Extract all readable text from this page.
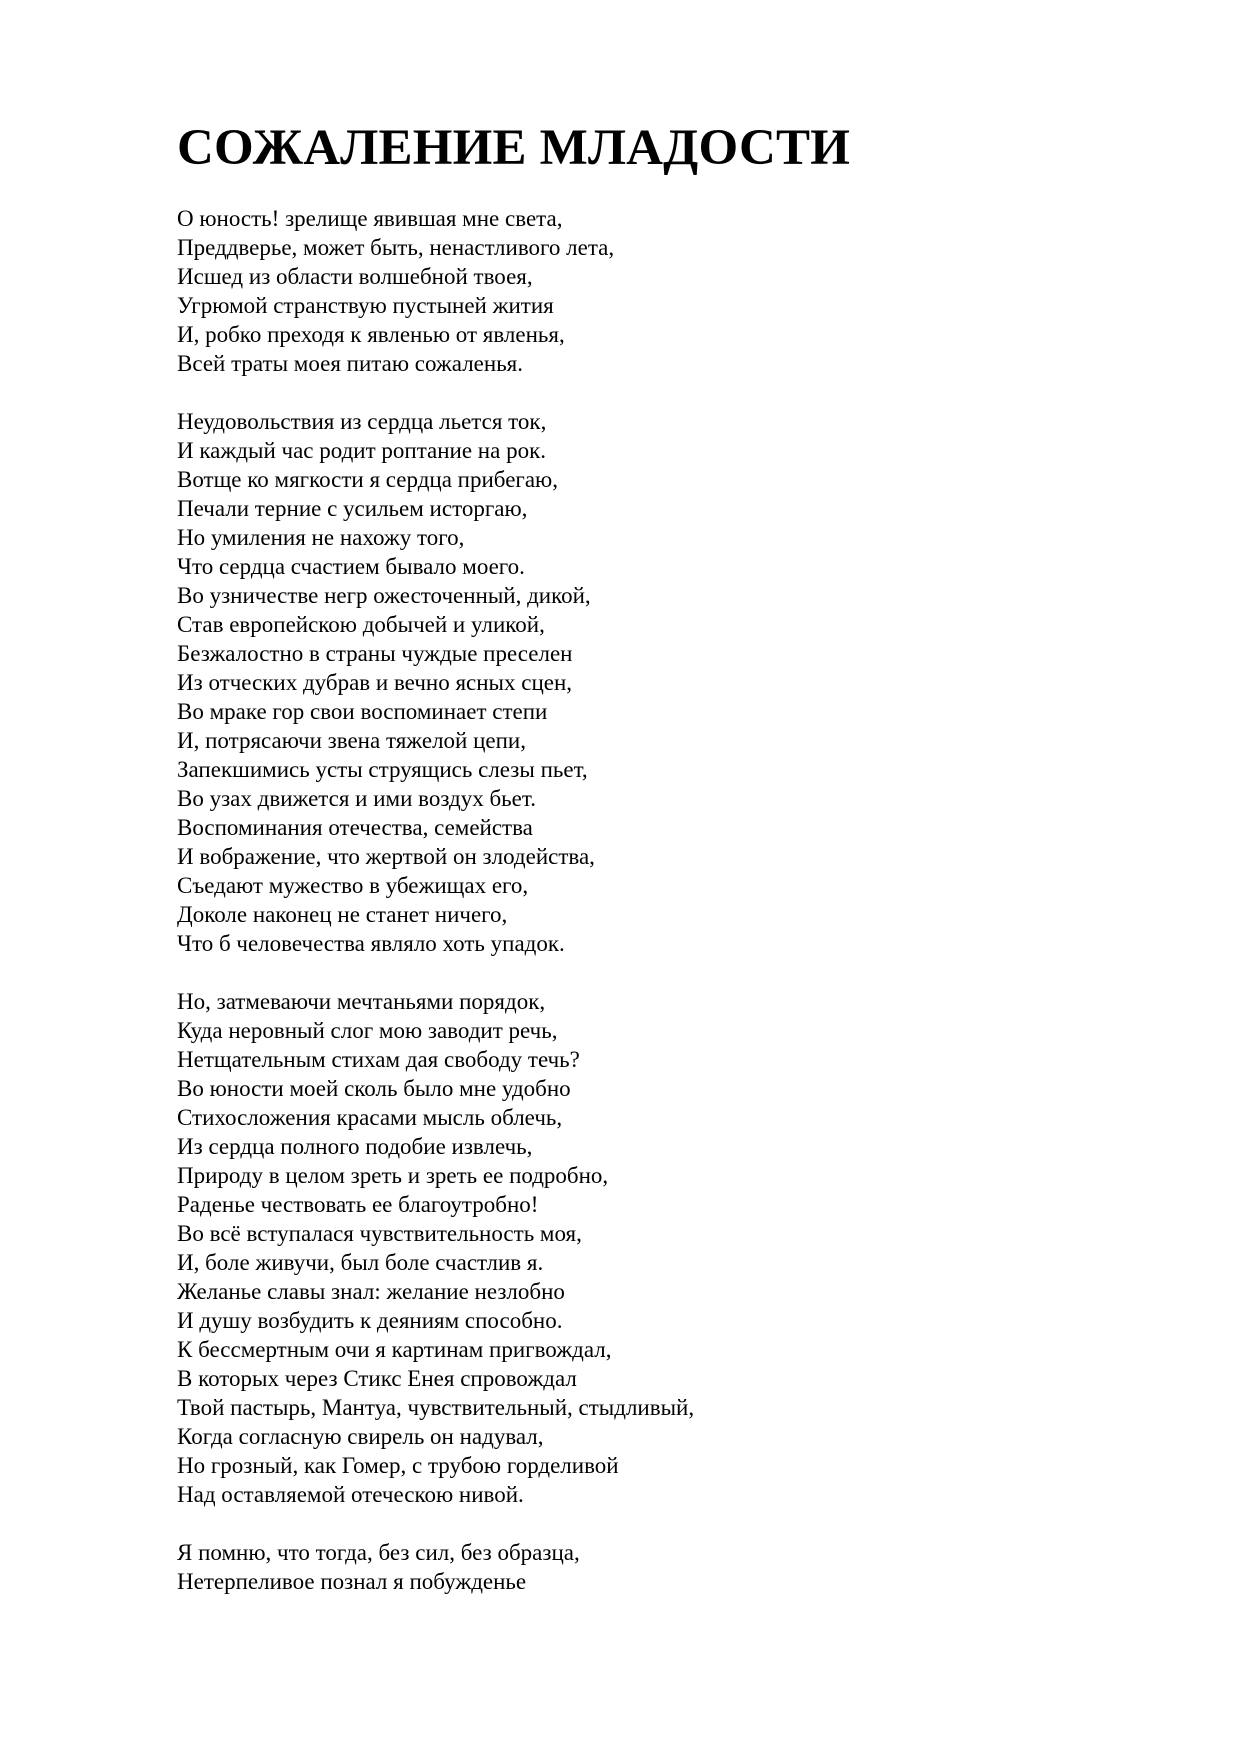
СОЖАЛЕНИЕ МЛАДОСТИ
О юность! зрелище явившая мне света,
Преддверье, может быть, ненастливого лета,
Исшед из области волшебной твоея,
Угрюмой странствую пустыней жития
И, робко преходя к явленью от явленья,
Всей траты моея питаю сожаленья.
Неудовольствия из сердца льется ток,
И каждый час родит роптание на рок.
Вотще ко мягкости я сердца прибегаю,
Печали терние с усильем исторгаю,
Но умиления не нахожу того,
Что сердца счастием бывало моего.
Во узничестве негр ожесточенный, дикой,
Став европейскою добычей и уликой,
Безжалостно в страны чуждые преселен
Из отческих дубрав и вечно ясных сцен,
Во мраке гор свои воспоминает степи
И, потрясаючи звена тяжелой цепи,
Запекшимись усты струящись слезы пьет,
Во узах движется и ими воздух бьет.
Воспоминания отечества, семейства
И вображение, что жертвой он злодейства,
Съедают мужество в убежищах его,
Доколе наконец не станет ничего,
Что б человечества являло хоть упадок.
Но, затмеваючи мечтаньями порядок,
Куда неровный слог мою заводит речь,
Нетщательным стихам дая свободу течь?
Во юности моей сколь было мне удобно
Стихосложения красами мысль облечь,
Из сердца полного подобие извлечь,
Природу в целом зреть и зреть ее подробно,
Раденье чествовать ее благоутробно!
Во всё вступалася чувствительность моя,
И, боле живучи, был боле счастлив я.
Желанье славы знал: желание незлобно
И душу возбудить к деяниям способно.
К бессмертным очи я картинам пригвождал,
В которых через Стикс Енея спровождал
Твой пастырь, Мантуа, чувствительный, стыдливый,
Когда согласную свирель он надувал,
Но грозный, как Гомер, с трубою горделивой
Над оставляемой отеческою нивой.
Я помню, что тогда, без сил, без образца,
Нетерпеливое познал я побужденье
